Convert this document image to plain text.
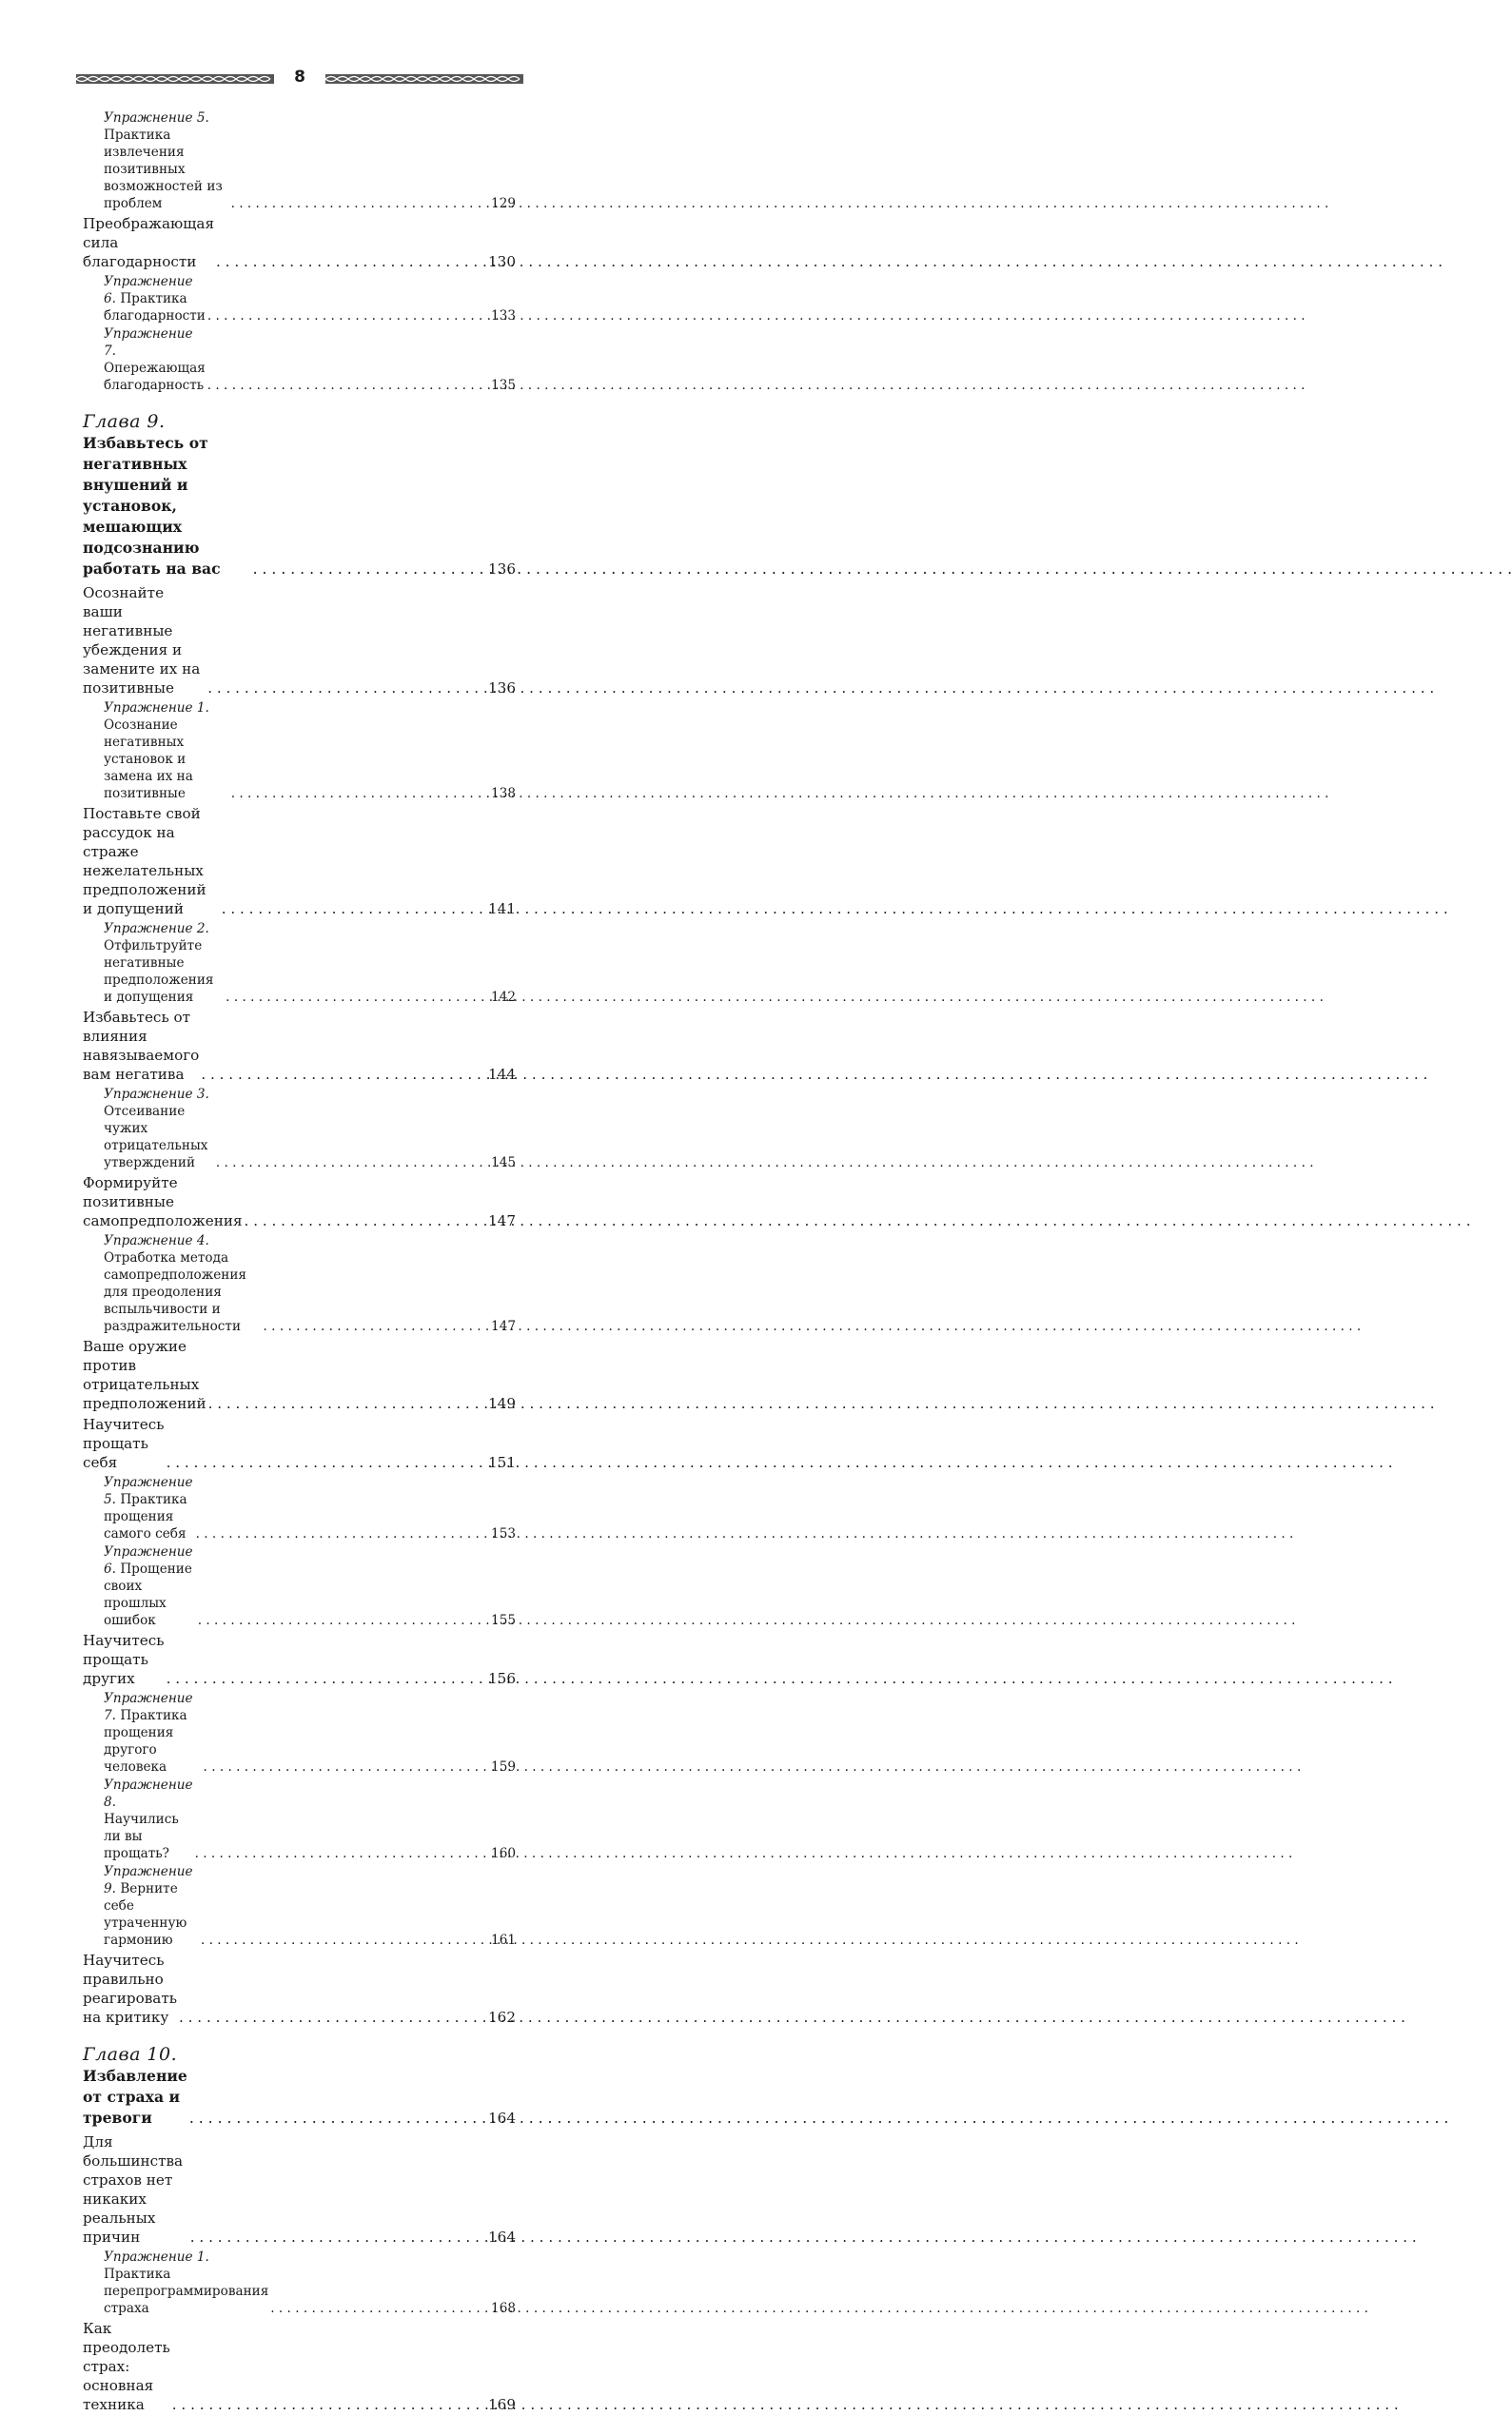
8
Упражнение 5. Практика извлечения позитивных возможностей из проблем . . .	129
Преображающая сила благодарности . . .	130
Упражнение 6. Практика благодарности . . .	133
Упражнение 7. Опережающая благодарность . . .	135
Глава 9. Избавьтесь от негативных внушений и установок, мешающих подсознанию работать на вас . . .	136
Осознайте ваши негативные убеждения и замените их на позитивные . . .	136
Упражнение 1. Осознание негативных установок и замена их на позитивные . . .	138
Поставьте свой рассудок на страже нежелательных предположений и допущений . . .	141
Упражнение 2. Отфильтруйте негативные предположения и допущения . . .	142
Избавьтесь от влияния навязываемого вам негатива . . .	144
Упражнение 3. Отсеивание чужих отрицательных утверждений . . .	145
Формируйте позитивные самопредположения . . .	147
Упражнение 4. Отработка метода самопредположения для преодоления вспыльчивости и раздражительности . . .	147
Ваше оружие против отрицательных предположений . . .	149
Научитесь прощать себя . . .	151
Упражнение 5. Практика прощения самого себя . . .	153
Упражнение 6. Прощение своих прошлых ошибок . . .	155
Научитесь прощать других . . .	156
Упражнение 7. Практика прощения другого человека . . .	159
Упражнение 8. Научились ли вы прощать? . . .	160
Упражнение 9. Верните себе утраченную гармонию . . .	161
Научитесь правильно реагировать на критику . . .	162
Глава 10. Избавление от страха и тревоги . . .	164
Для большинства страхов нет никаких реальных причин . . .	164
Упражнение 1. Практика перепрограммирования страха . . .	168
Как преодолеть страх: основная техника . . .	169
